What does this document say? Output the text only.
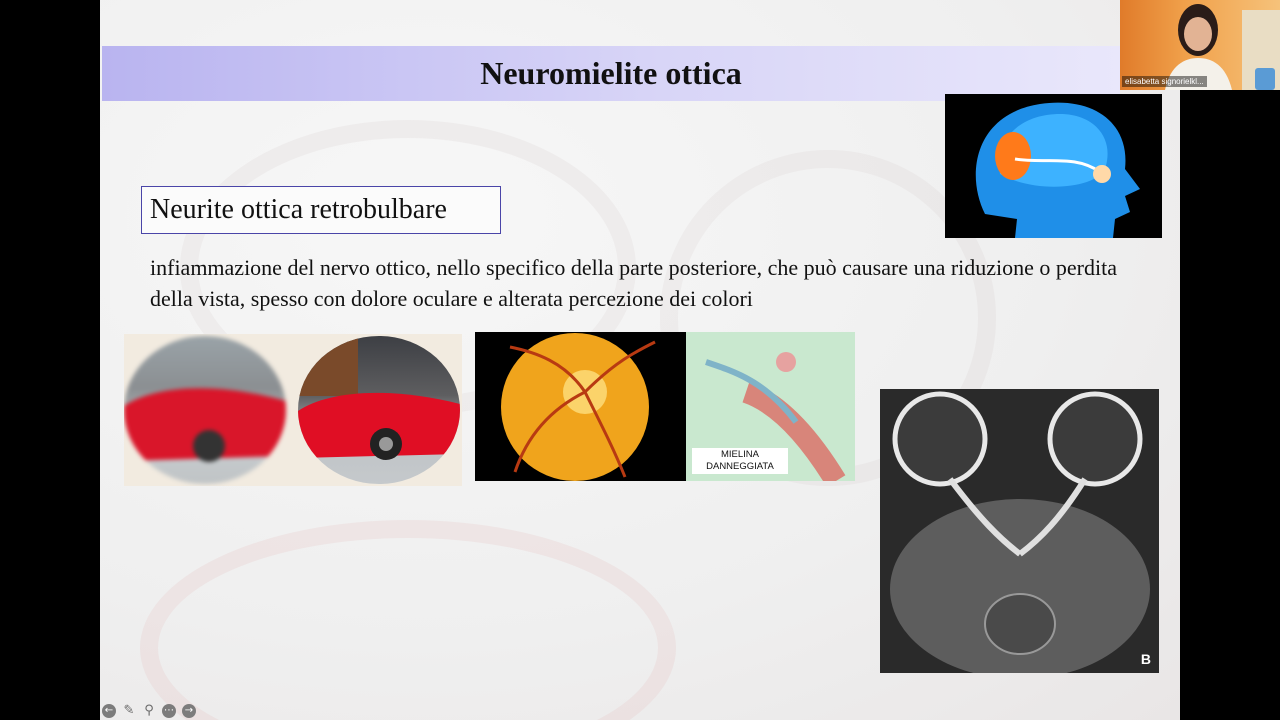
Neuromielite ottica
Neurite ottica retrobulbare
infiammazione del nervo ottico, nello specifico della parte posteriore, che può causare una riduzione o perdita della vista, spesso con dolore oculare e alterata percezione dei colori
MIELINA
DANNEGGIATA
B
elisabetta signorielkl...
← ✎ ⚲ ⋯ →
